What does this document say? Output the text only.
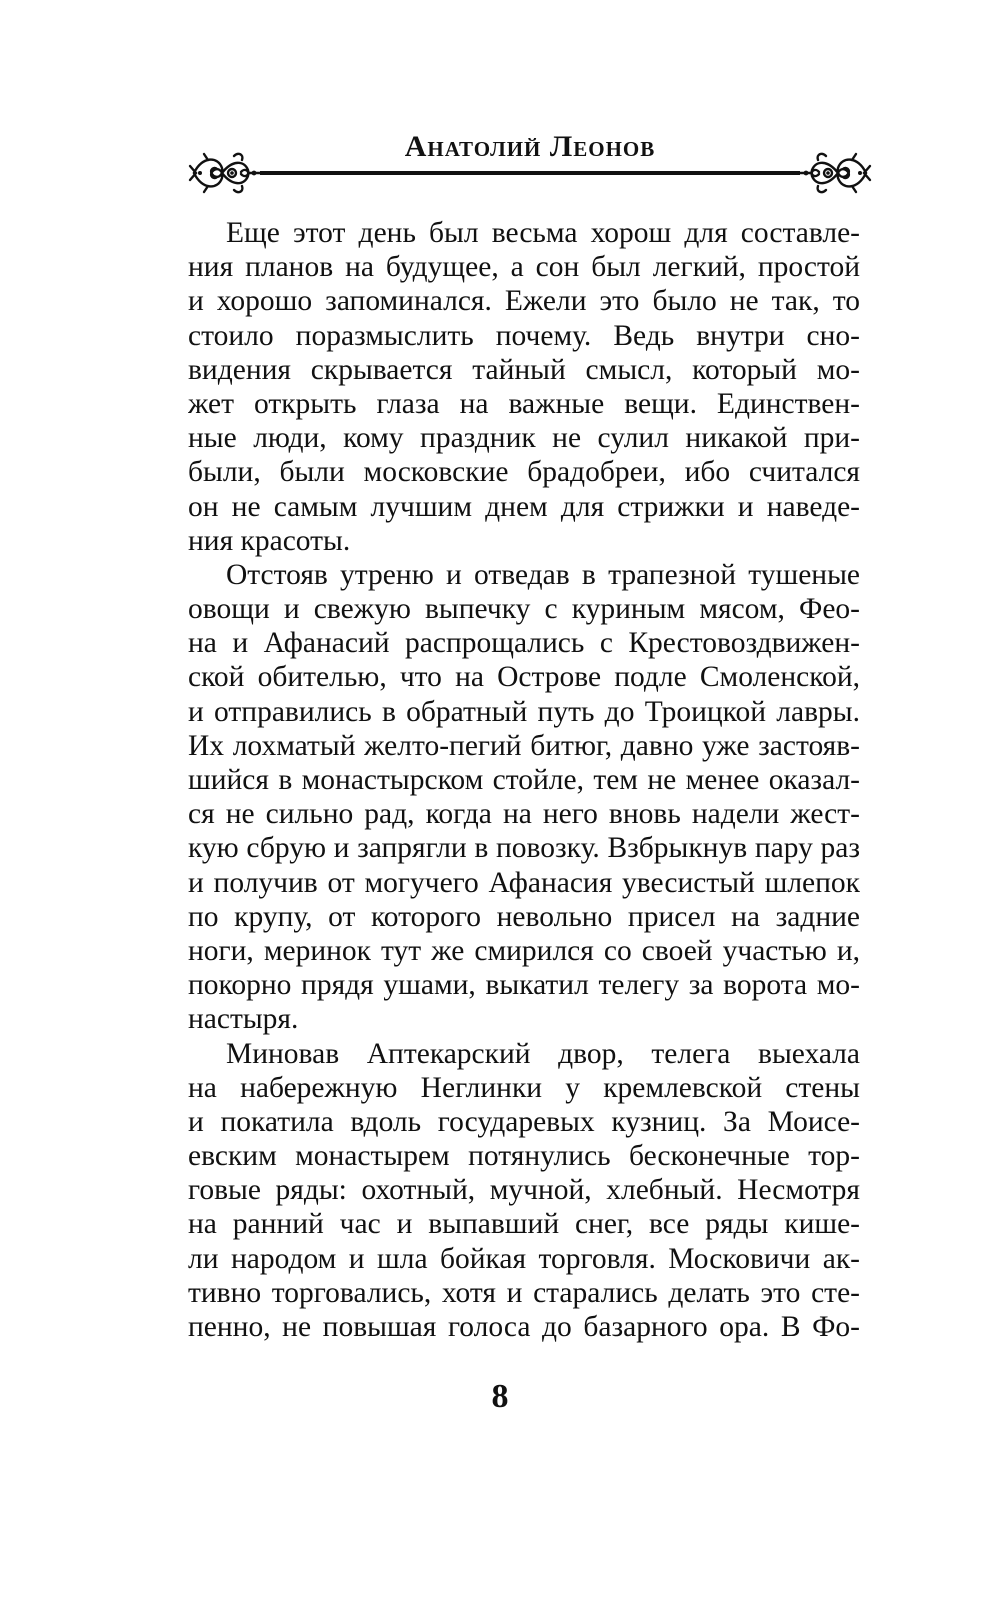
Анатолий Леонов
Еще этот день был весьма хорош для составле-
ния планов на будущее, а сон был легкий, простой
и хорошо запоминался. Ежели это было не так, то
стоило поразмыслить почему. Ведь внутри сно-
видения скрывается тайный смысл, который мо-
жет открыть глаза на важные вещи. Единствен-
ные люди, кому праздник не сулил никакой при-
были, были московские брадобреи, ибо считался
он не самым лучшим днем для стрижки и наведе-
ния красоты.
Отстояв утреню и отведав в трапезной тушеные
овощи и свежую выпечку с куриным мясом, Фео-
на и Афанасий распрощались с Крестовоздвижен-
ской обителью, что на Острове подле Смоленской,
и отправились в обратный путь до Троицкой лавры.
Их лохматый желто-пегий битюг, давно уже застояв-
шийся в монастырском стойле, тем не менее оказал-
ся не сильно рад, когда на него вновь надели жест-
кую сбрую и запрягли в повозку. Взбрыкнув пару раз
и получив от могучего Афанасия увесистый шлепок
по крупу, от которого невольно присел на задние
ноги, меринок тут же смирился со своей участью и,
покорно прядя ушами, выкатил телегу за ворота мо-
настыря.
Миновав Аптекарский двор, телега выехала
на набережную Неглинки у кремлевской стены
и покатила вдоль государевых кузниц. За Моисе-
евским монастырем потянулись бесконечные тор-
говые ряды: охотный, мучной, хлебный. Несмотря
на ранний час и выпавший снег, все ряды кише-
ли народом и шла бойкая торговля. Московичи ак-
тивно торговались, хотя и старались делать это сте-
пенно, не повышая голоса до базарного ора. В Фо-
8
